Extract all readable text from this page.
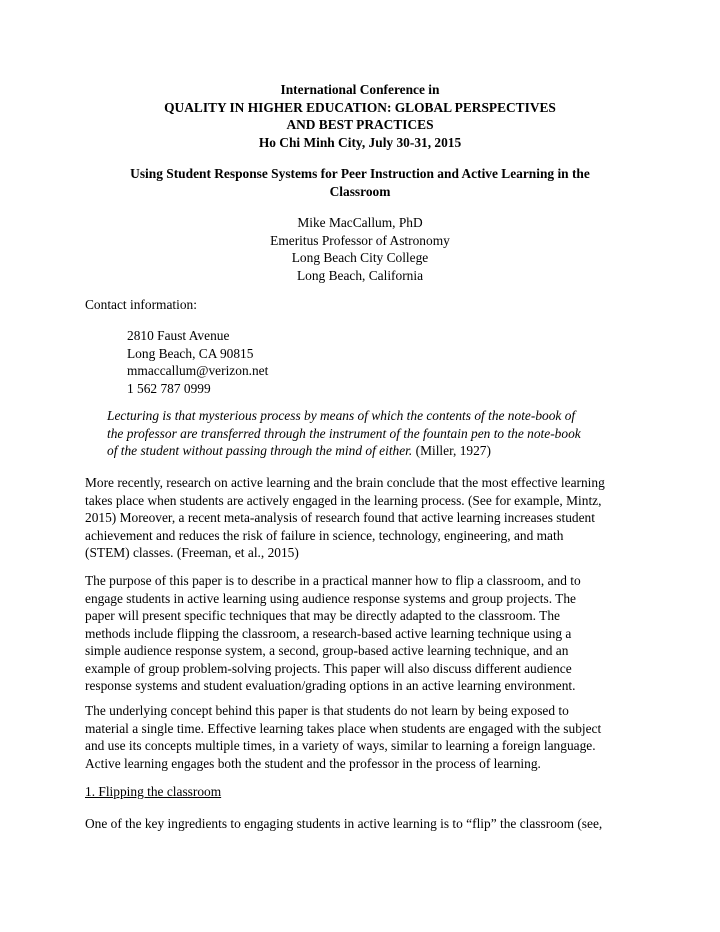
International Conference in
QUALITY IN HIGHER EDUCATION: GLOBAL PERSPECTIVES
AND BEST PRACTICES
Ho Chi Minh City, July 30-31, 2015
Using Student Response Systems for Peer Instruction and Active Learning in the
Classroom
Mike MacCallum, PhD
Emeritus Professor of Astronomy
Long Beach City College
Long Beach, California
Contact information:
2810 Faust Avenue
Long Beach, CA 90815
mmaccallum@verizon.net
1 562 787 0999
Lecturing is that mysterious process by means of which the contents of the note-book of
the professor are transferred through the instrument of the fountain pen to the note-book
of the student without passing through the mind of either. (Miller, 1927)
More recently, research on active learning and the brain conclude that the most effective learning
takes place when students are actively engaged in the learning process. (See for example, Mintz,
2015) Moreover, a recent meta-analysis of research found that active learning increases student
achievement and reduces the risk of failure in science, technology, engineering, and math
(STEM) classes. (Freeman, et al., 2015)
The purpose of this paper is to describe in a practical manner how to flip a classroom, and to
engage students in active learning using audience response systems and group projects. The
paper will present specific techniques that may be directly adapted to the classroom. The
methods include flipping the classroom, a research-based active learning technique using a
simple audience response system, a second, group-based active learning technique, and an
example of group problem-solving projects. This paper will also discuss different audience
response systems and student evaluation/grading options in an active learning environment.
The underlying concept behind this paper is that students do not learn by being exposed to
material a single time. Effective learning takes place when students are engaged with the subject
and use its concepts multiple times, in a variety of ways, similar to learning a foreign language.
Active learning engages both the student and the professor in the process of learning.
1. Flipping the classroom
One of the key ingredients to engaging students in active learning is to “flip” the classroom (see,
